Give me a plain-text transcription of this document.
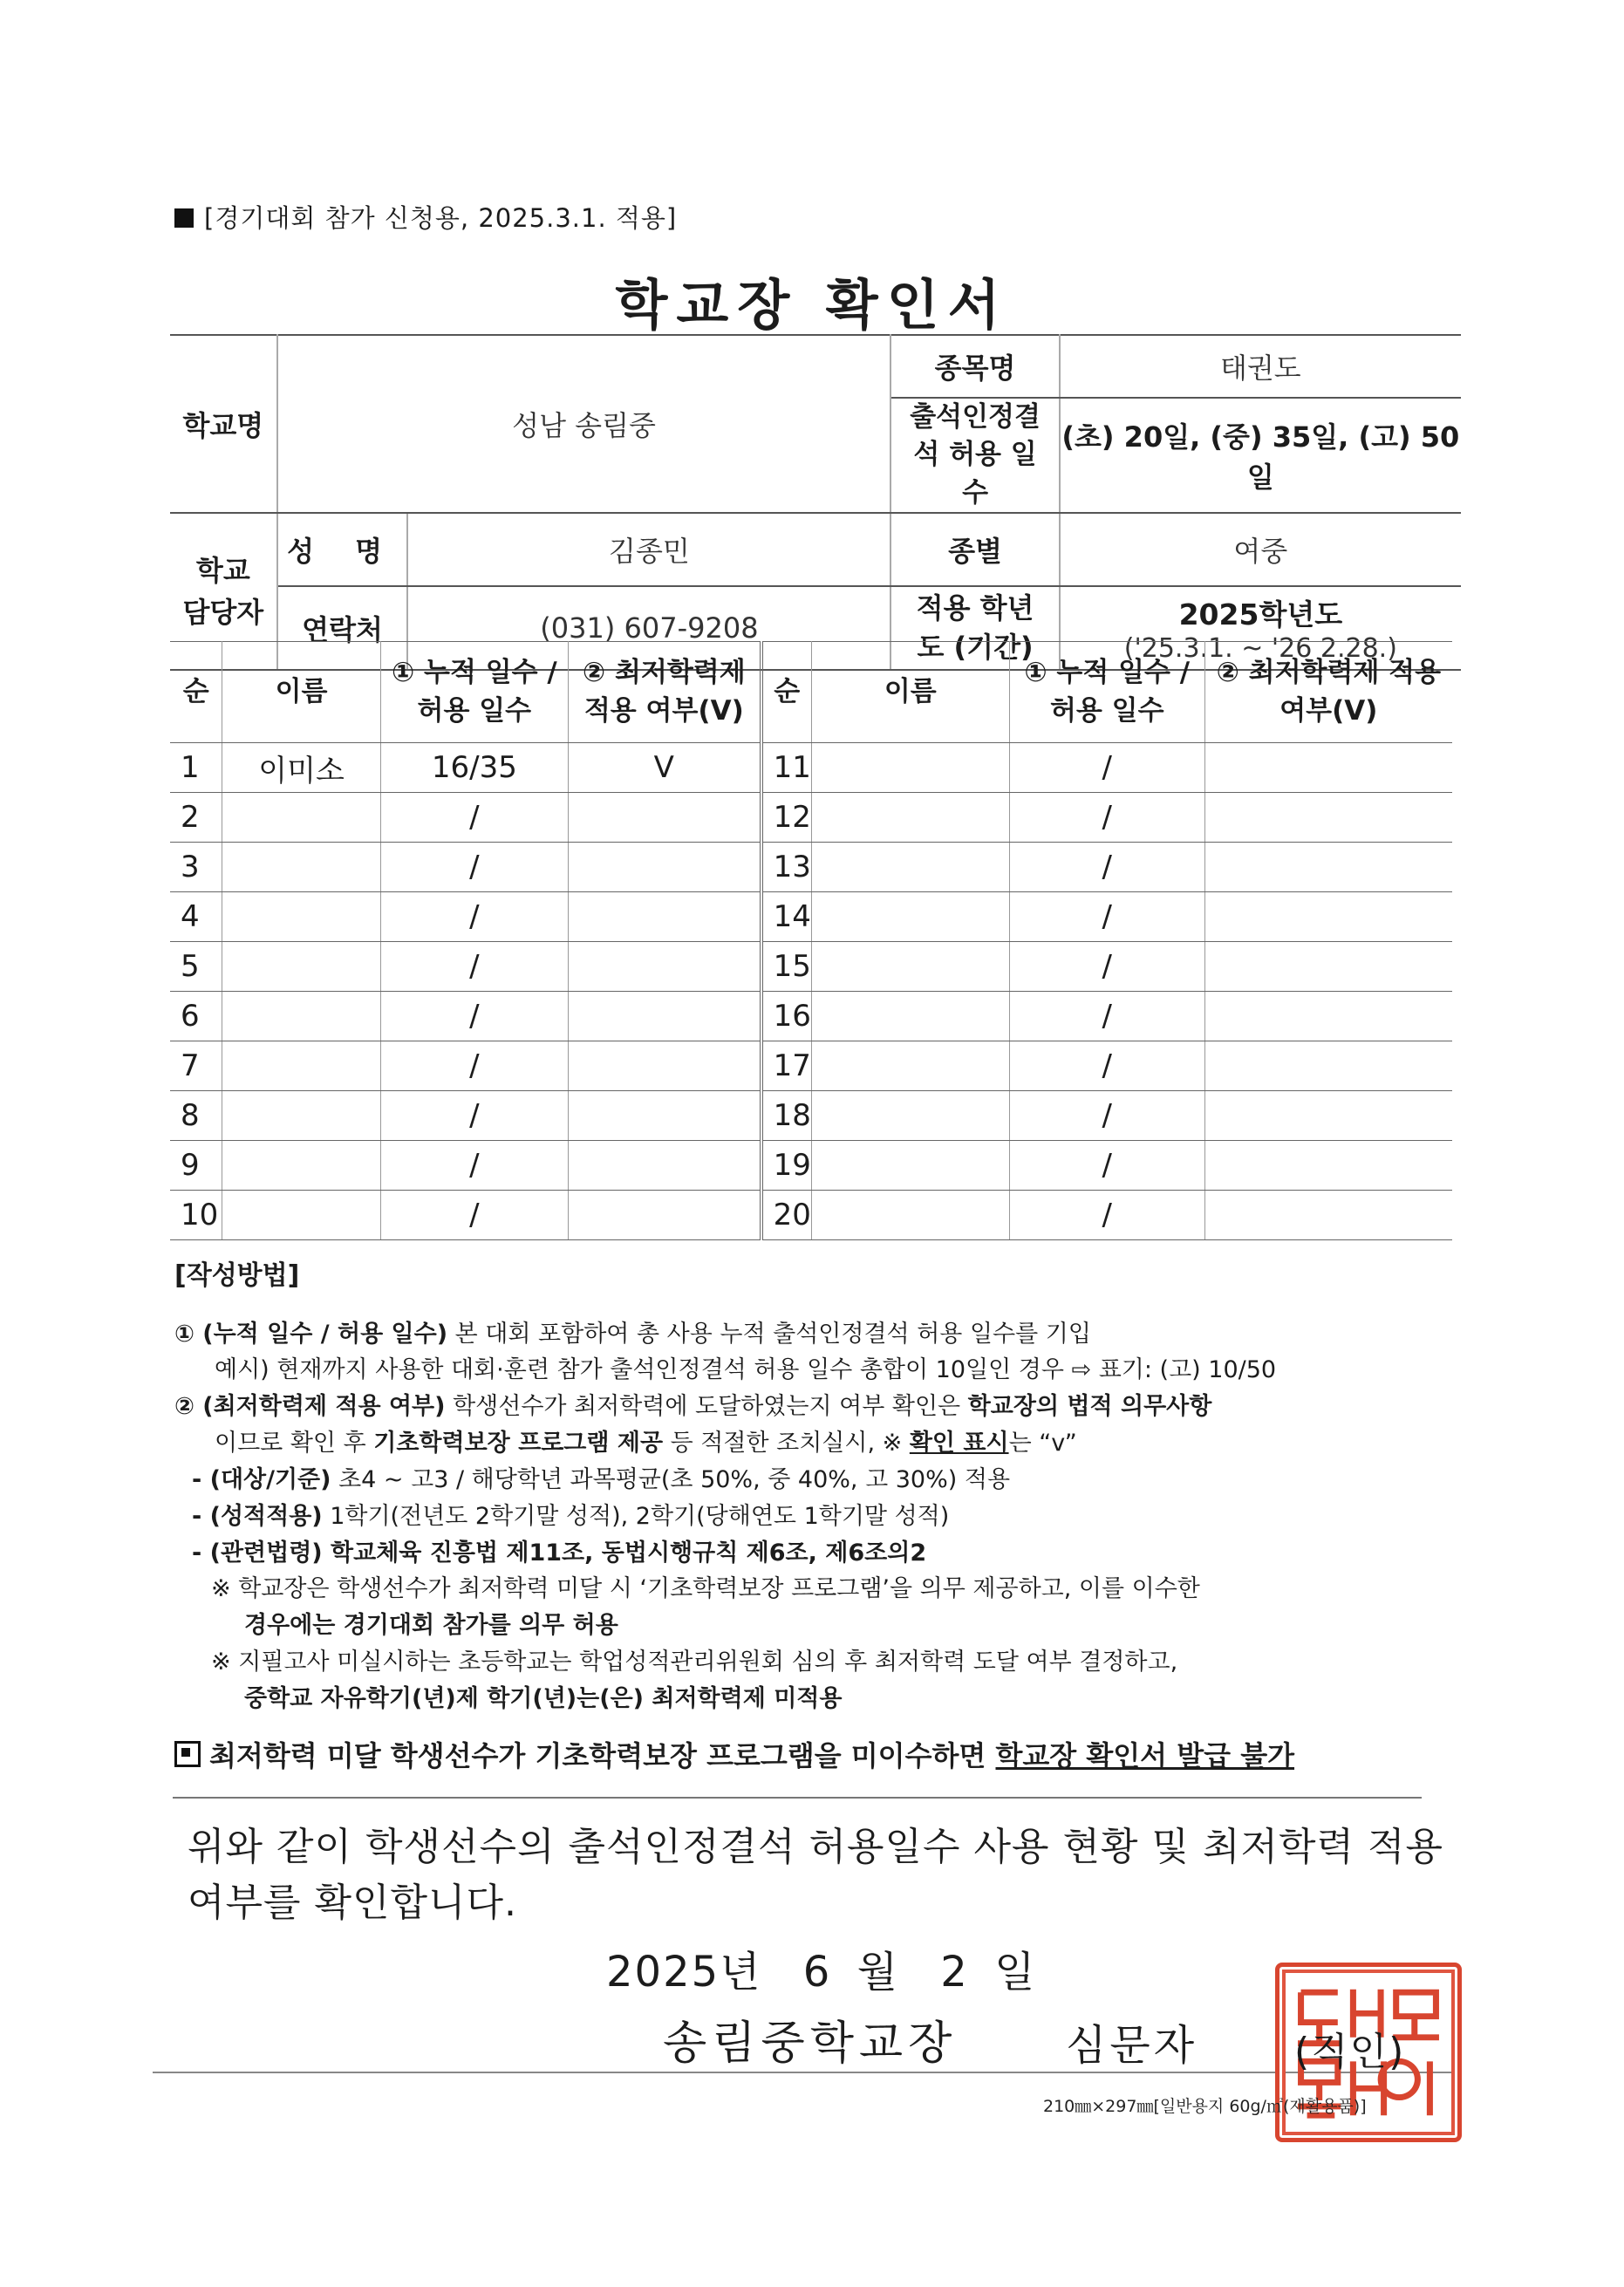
[경기대회 참가 신청용, 2025.3.1. 적용]
학교장 확인서
학교명	성남 송림중		종목명	태권도
			출석인정결석 허용 일수	(초) 20일, (중) 35일, (고) 50일
학교 담당자	성 명	김종민	종별	여중
	연락처	(031) 607-9208	적용 학년도 (기간)	2025학년도
('25.3.1. ~ '26 2.28.)
순	이름	① 누적 일수 / 허용 일수	② 최저학력제 적용 여부(V)	순	이름	① 누적 일수 / 허용 일수	② 최저학력제 적용 여부(V)
1	이미소	16/35	V	11		/	
2		/		12		/	
3		/		13		/	
4		/		14		/	
5		/		15		/	
6		/		16		/	
7		/		17		/	
8		/		18		/	
9		/		19		/	
10		/		20		/	
[작성방법]

① (누적 일수 / 허용 일수) 본 대회 포함하여 총 사용 누적 출석인정결석 허용 일수를 기입

예시) 현재까지 사용한 대회·훈련 참가 출석인정결석 허용 일수 총합이 10일인 경우 ⇨ 표기: (고) 10/50

② (최저학력제 적용 여부) 학생선수가 최저학력에 도달하였는지 여부 확인은 학교장의 법적 의무사항

이므로 확인 후 기초학력보장 프로그램 제공 등 적절한 조치실시, ※ 확인 표시는 “v”

- (대상/기준) 초4 ~ 고3 / 해당학년 과목평균(초 50%, 중 40%, 고 30%) 적용

- (성적적용) 1학기(전년도 2학기말 성적), 2학기(당해연도 1학기말 성적)

- (관련법령) 학교체육 진흥법 제11조, 동법시행규칙 제6조, 제6조의2

※ 학교장은 학생선수가 최저학력 미달 시 ‘기초학력보장 프로그램’을 의무 제공하고, 이를 이수한

경우에는 경기대회 참가를 의무 허용

※ 지필고사 미실시하는 초등학교는 학업성적관리위원회 심의 후 최저학력 도달 여부 결정하고,

중학교 자유학기(년)제 학기(년)는(은) 최저학력제 미적용

최저학력 미달 학생선수가 기초학력보장 프로그램을 미이수하면 학교장 확인서 발급 불가

위와 같이 학생선수의 출석인정결석 허용일수 사용 현황 및 최저학력 적용 여부를 확인합니다.
2025년 6 월 2 일
송림중학교장	심문자	(직인)
210㎜×297㎜[일반용지 60g/㎡(재활용품)]
